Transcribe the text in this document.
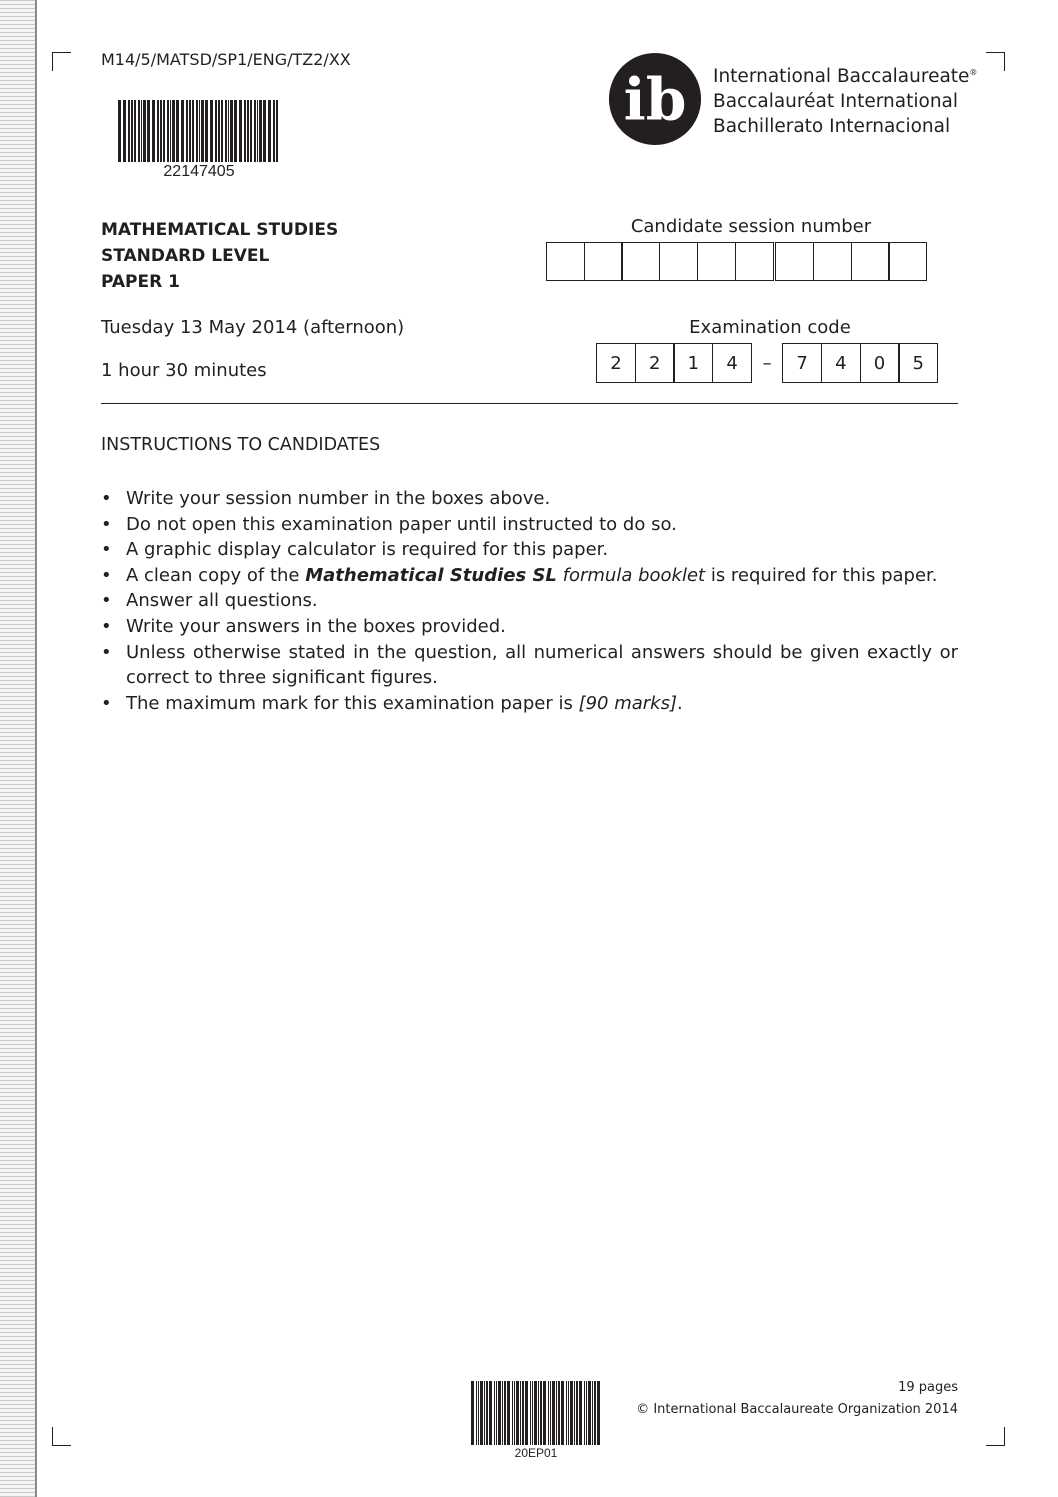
M14/5/MATSD/SP1/ENG/TZ2/XX
22147405
ib International Baccalaureate®
Baccalauréat International
Bachillerato Internacional
MATHEMATICAL STUDIES
STANDARD LEVEL
PAPER 1
Candidate session number
Tuesday 13 May 2014 (afternoon)
1 hour 30 minutes
Examination code
2	2	1	4	–	7	4	0	5
INSTRUCTIONS TO CANDIDATES
• Write your session number in the boxes above.
• Do not open this examination paper until instructed to do so.
• A graphic display calculator is required for this paper.
• A clean copy of the Mathematical Studies SL formula booklet is required for this paper.
• Answer all questions.
• Write your answers in the boxes provided.
• Unless otherwise stated in the question, all numerical answers should be given exactly or correct to three significant figures.
• The maximum mark for this examination paper is [90 marks].
20EP01
19 pages
© International Baccalaureate Organization 2014
